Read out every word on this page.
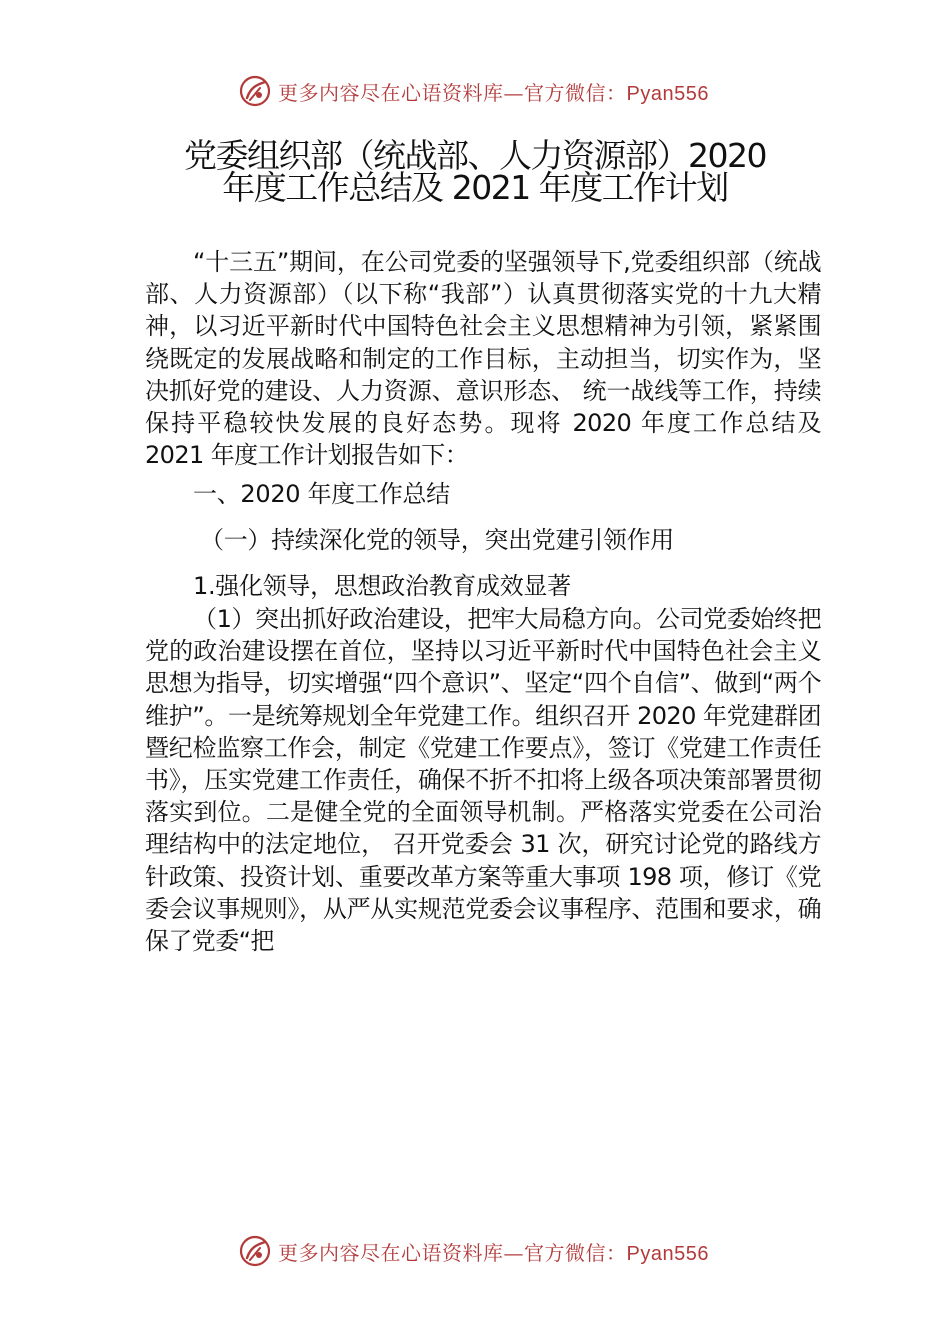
更多内容尽在心语资料库—官方微信：Pyan556
党委组织部（统战部、人力资源部）2020
年度工作总结及 2021 年度工作计划

“十三五”期间，在公司党委的坚强领导下,党委组织部（统战部、人力资源部）（以下称“我部”）认真贯彻落实党的十九大精神，以习近平新时代中国特色社会主义思想精神为引领，紧紧围绕既定的发展战略和制定的工作目标，主动担当，切实作为，坚决抓好党的建设、人力资源、意识形态、 统一战线等工作，持续保持平稳较快发展的良好态势。现将 2020 年度工作总结及 2021 年度工作计划报告如下：

一、2020 年度工作总结

（一）持续深化党的领导，突出党建引领作用

1.强化领导，思想政治教育成效显著

（1）突出抓好政治建设，把牢大局稳方向。公司党委始终把党的政治建设摆在首位，坚持以习近平新时代中国特色社会主义思想为指导，切实增强“四个意识”、坚定“四个自信”、做到“两个维护”。一是统筹规划全年党建工作。组织召开 2020 年党建群团暨纪检监察工作会，制定《党建工作要点》，签订《党建工作责任书》，压实党建工作责任，确保不折不扣将上级各项决策部署贯彻落实到位。二是健全党的全面领导机制。严格落实党委在公司治理结构中的法定地位， 召开党委会 31 次，研究讨论党的路线方针政策、投资计划、重要改革方案等重大事项 198 项，修订《党委会议事规则》，从严从实规范党委会议事程序、范围和要求，确保了党委“把

更多内容尽在心语资料库—官方微信：Pyan556
